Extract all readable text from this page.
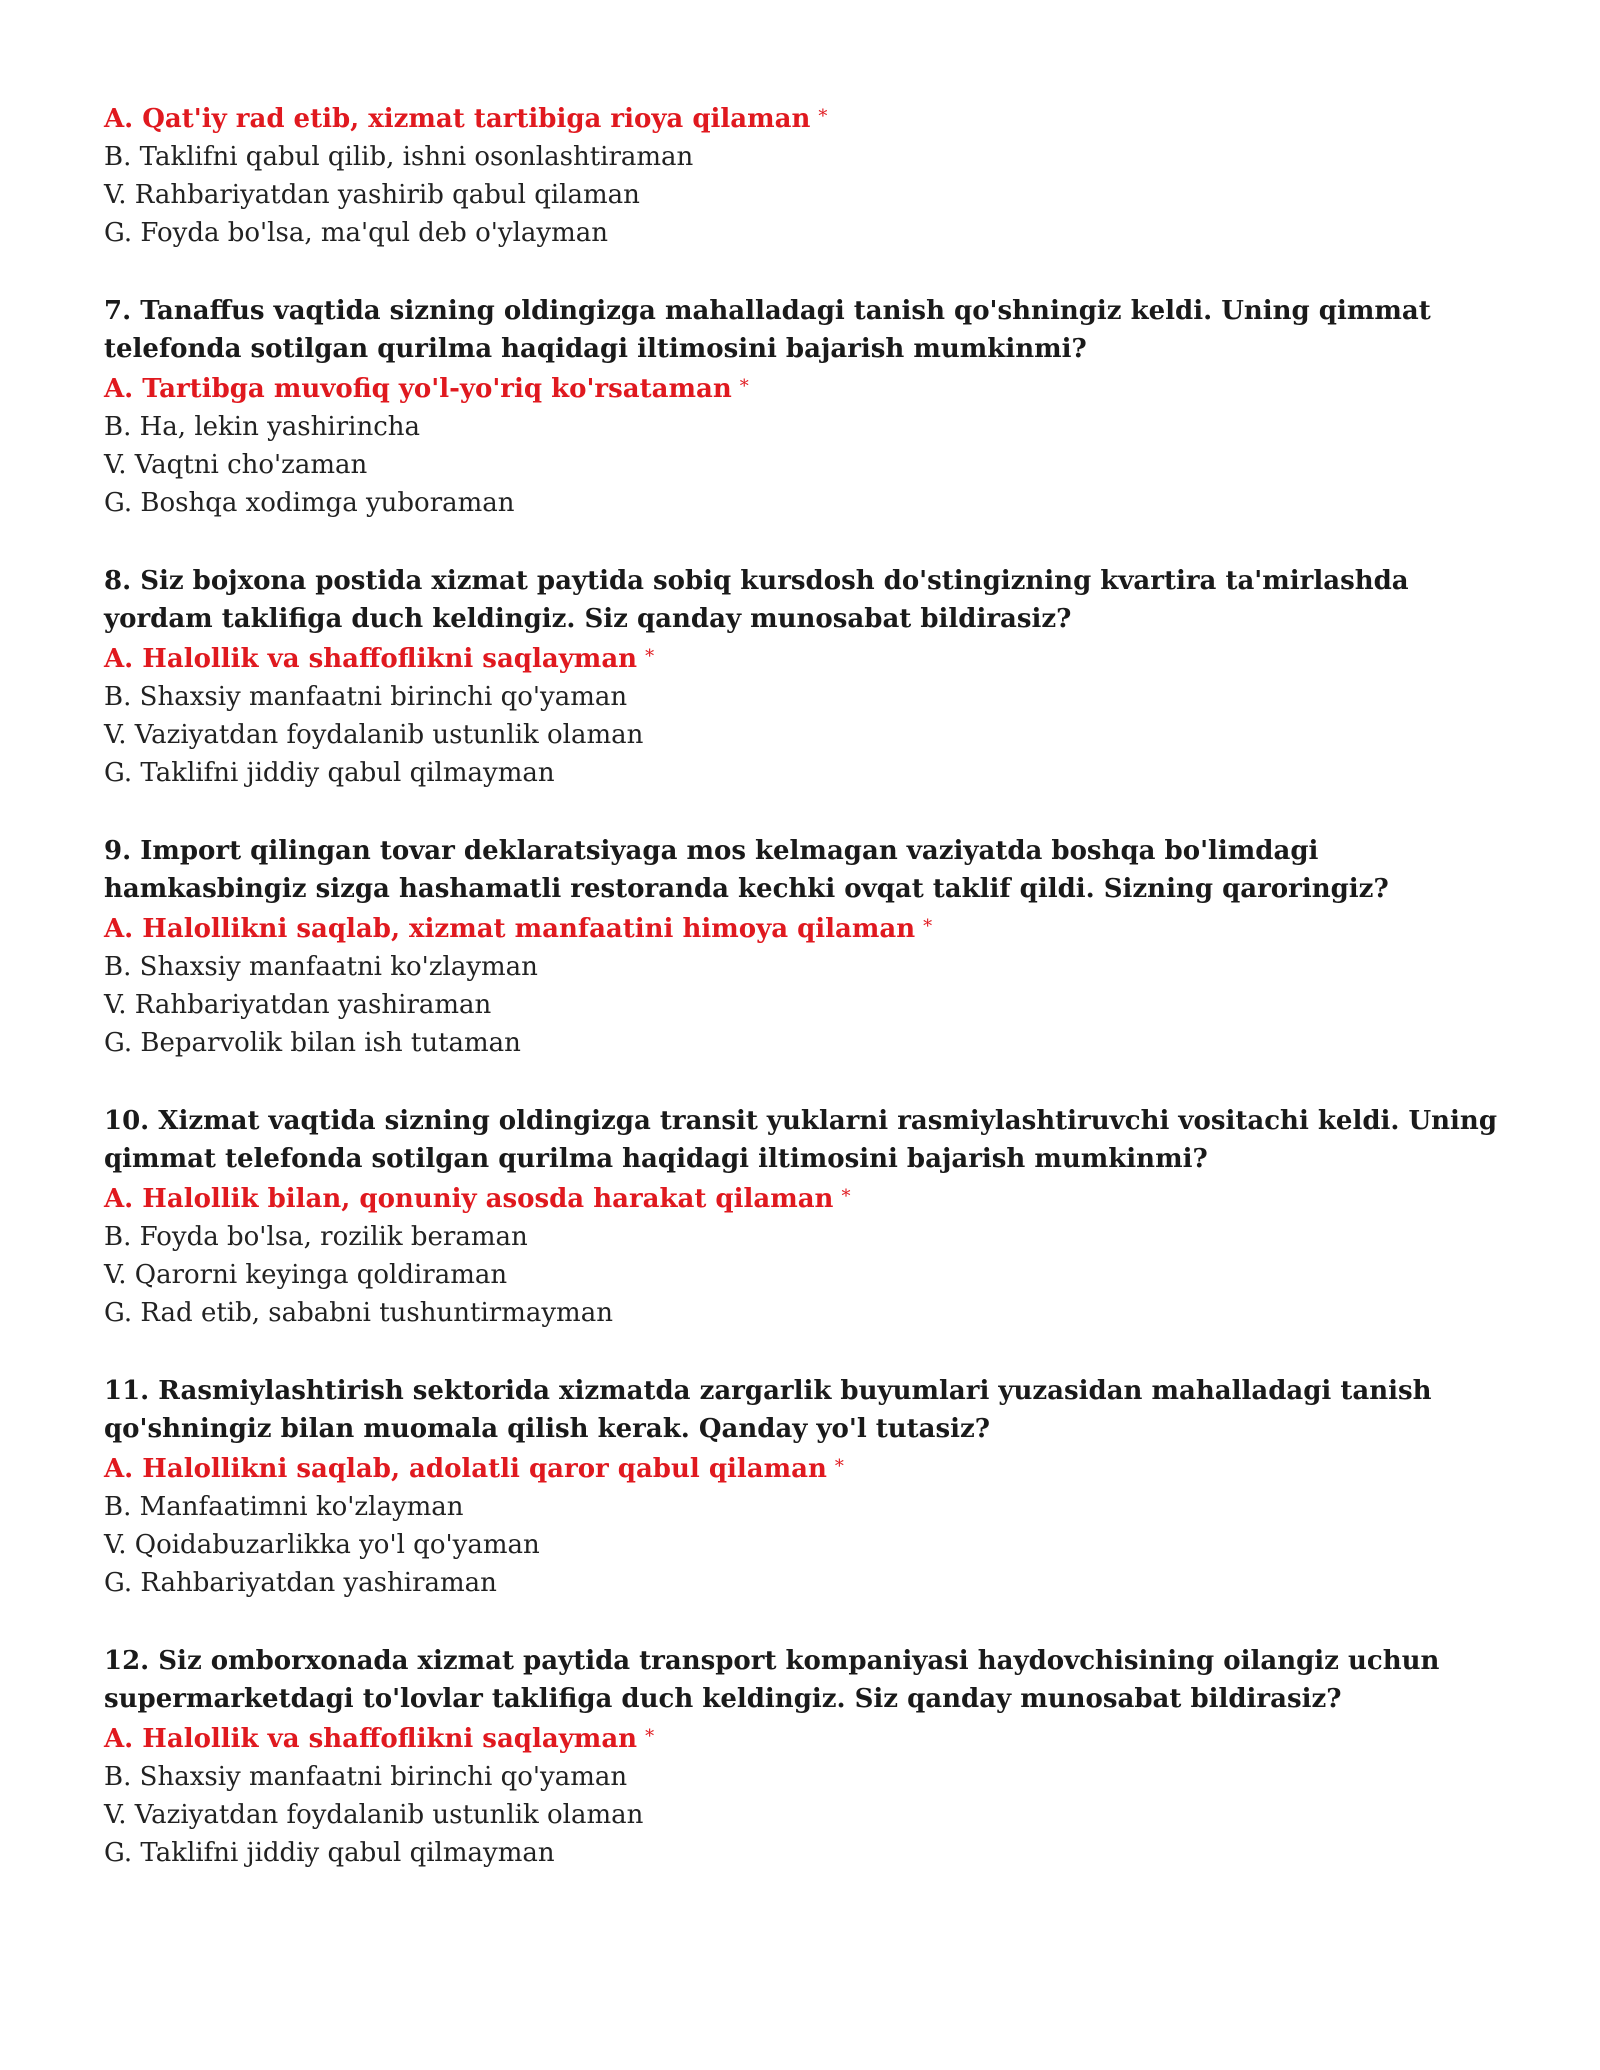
A. Qat'iy rad etib, xizmat tartibiga rioya qilaman *

B. Taklifni qabul qilib, ishni osonlashtiraman

V. Rahbariyatdan yashirib qabul qilaman

G. Foyda bo'lsa, ma'qul deb o'ylayman

7. Tanaffus vaqtida sizning oldingizga mahalladagi tanish qo'shningiz keldi. Uning qimmat telefonda sotilgan qurilma haqidagi iltimosini bajarish mumkinmi?

A. Tartibga muvofiq yo'l-yo'riq ko'rsataman *

B. Ha, lekin yashirincha

V. Vaqtni cho'zaman

G. Boshqa xodimga yuboraman

8. Siz bojxona postida xizmat paytida sobiq kursdosh do'stingizning kvartira ta'mirlashda yordam taklifiga duch keldingiz. Siz qanday munosabat bildirasiz?

A. Halollik va shaffoflikni saqlayman *

B. Shaxsiy manfaatni birinchi qo'yaman

V. Vaziyatdan foydalanib ustunlik olaman

G. Taklifni jiddiy qabul qilmayman

9. Import qilingan tovar deklaratsiyaga mos kelmagan vaziyatda boshqa bo'limdagi hamkasbingiz sizga hashamatli restoranda kechki ovqat taklif qildi. Sizning qaroringiz?

A. Halollikni saqlab, xizmat manfaatini himoya qilaman *

B. Shaxsiy manfaatni ko'zlayman

V. Rahbariyatdan yashiraman

G. Beparvolik bilan ish tutaman

10. Xizmat vaqtida sizning oldingizga transit yuklarni rasmiylashtiruvchi vositachi keldi. Uning qimmat telefonda sotilgan qurilma haqidagi iltimosini bajarish mumkinmi?

A. Halollik bilan, qonuniy asosda harakat qilaman *

B. Foyda bo'lsa, rozilik beraman

V. Qarorni keyinga qoldiraman

G. Rad etib, sababni tushuntirmayman

11. Rasmiylashtirish sektorida xizmatda zargarlik buyumlari yuzasidan mahalladagi tanish qo'shningiz bilan muomala qilish kerak. Qanday yo'l tutasiz?

A. Halollikni saqlab, adolatli qaror qabul qilaman *

B. Manfaatimni ko'zlayman

V. Qoidabuzarlikka yo'l qo'yaman

G. Rahbariyatdan yashiraman

12. Siz omborxonada xizmat paytida transport kompaniyasi haydovchisining oilangiz uchun supermarketdagi to'lovlar taklifiga duch keldingiz. Siz qanday munosabat bildirasiz?

A. Halollik va shaffoflikni saqlayman *

B. Shaxsiy manfaatni birinchi qo'yaman

V. Vaziyatdan foydalanib ustunlik olaman

G. Taklifni jiddiy qabul qilmayman
